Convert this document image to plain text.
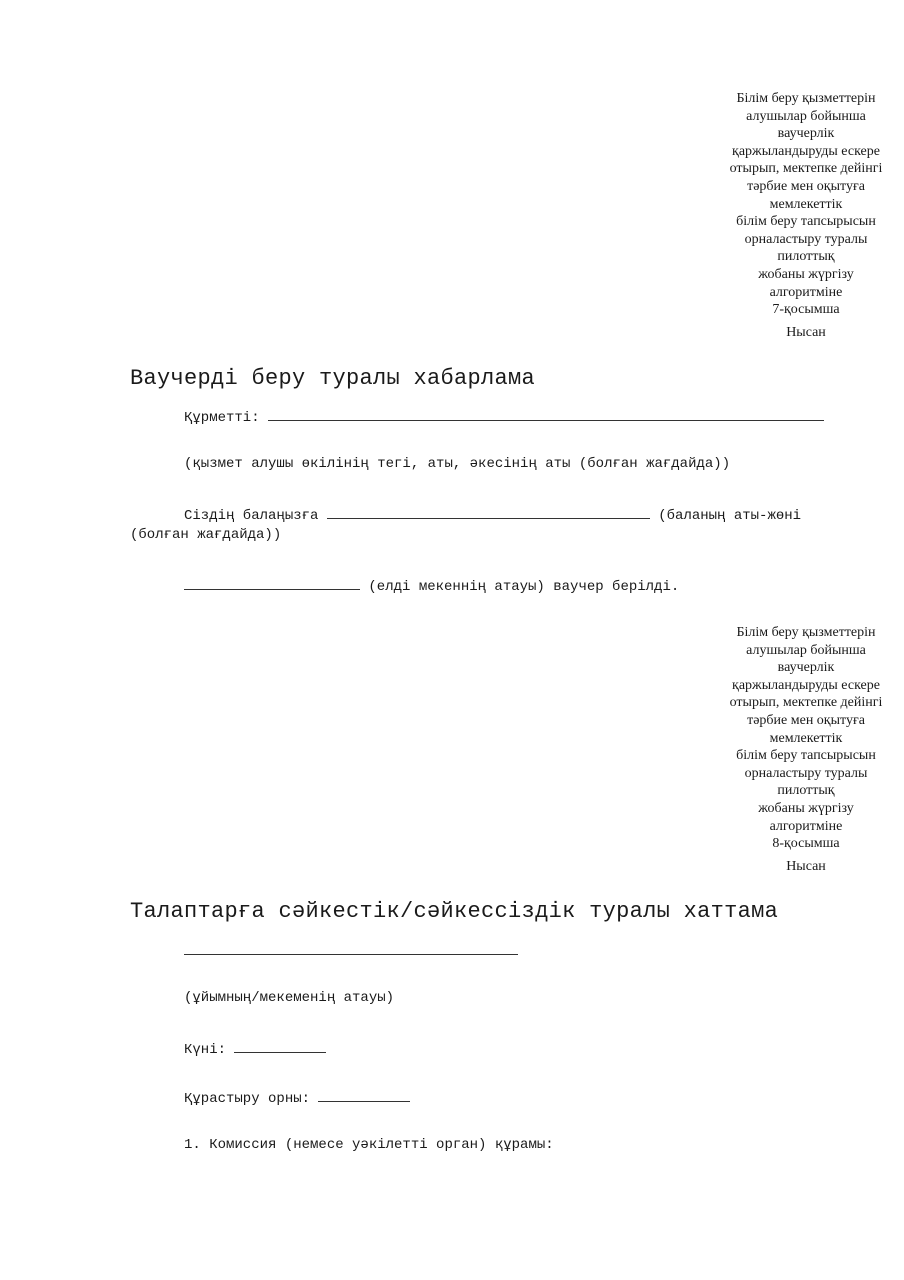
Білім беру қызметтерін
алушылар бойынша
ваучерлік
қаржыландыруды ескере
отырып, мектепке дейінгі
тәрбие мен оқытуға
мемлекеттік
білім беру тапсырысын
орналастыру туралы
пилоттық
жобаны жүргізу
алгоритміне
7-қосымша
Нысан
Ваучерді беру туралы хабарлама
Құрметті:
(қызмет алушы өкілінің тегі, аты, әкесінің аты (болған жағдайда))
Сіздің балаңызға	(баланың аты-жөні
(болған жағдайда))
(елді мекеннің атауы) ваучер берілді.
Білім беру қызметтерін
алушылар бойынша
ваучерлік
қаржыландыруды ескере
отырып, мектепке дейінгі
тәрбие мен оқытуға
мемлекеттік
білім беру тапсырысын
орналастыру туралы
пилоттық
жобаны жүргізу
алгоритміне
8-қосымша
Нысан
Талаптарға сәйкестік/сәйкессіздік туралы хаттама
(ұйымның/мекеменің атауы)
Күні:
Құрастыру орны:
1. Комиссия (немесе уәкілетті орган) құрамы:
